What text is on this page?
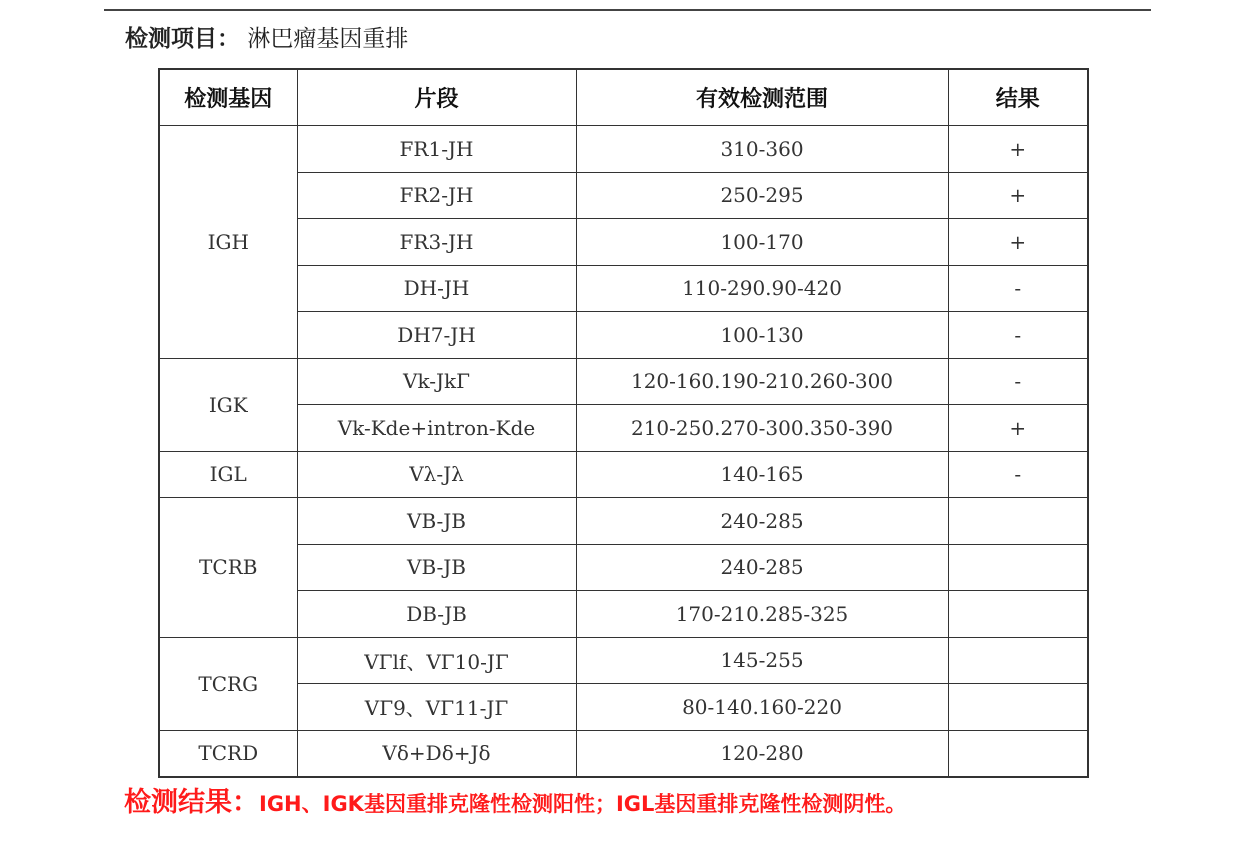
检测项目： 淋巴瘤基因重排
检测基因	片段	有效检测范围	结果
IGH	FR1-JH	310-360	+
	FR2-JH	250-295	+
	FR3-JH	100-170	+
	DH-JH	110-290.90-420	-
	DH7-JH	100-130	-
IGK	Vk-JkΓ	120-160.190-210.260-300	-
	Vk-Kde+intron-Kde	210-250.270-300.350-390	+
IGL	Vλ-Jλ	140-165	-
TCRB	VB-JB	240-285	
	VB-JB	240-285	
	DB-JB	170-210.285-325	
TCRG	VΓlf、VΓ10-JΓ	145-255	
	VΓ9、VΓ11-JΓ	80-140.160-220	
TCRD	Vδ+Dδ+Jδ	120-280	
检测结果：IGH、IGK基因重排克隆性检测阳性；IGL基因重排克隆性检测阴性。
